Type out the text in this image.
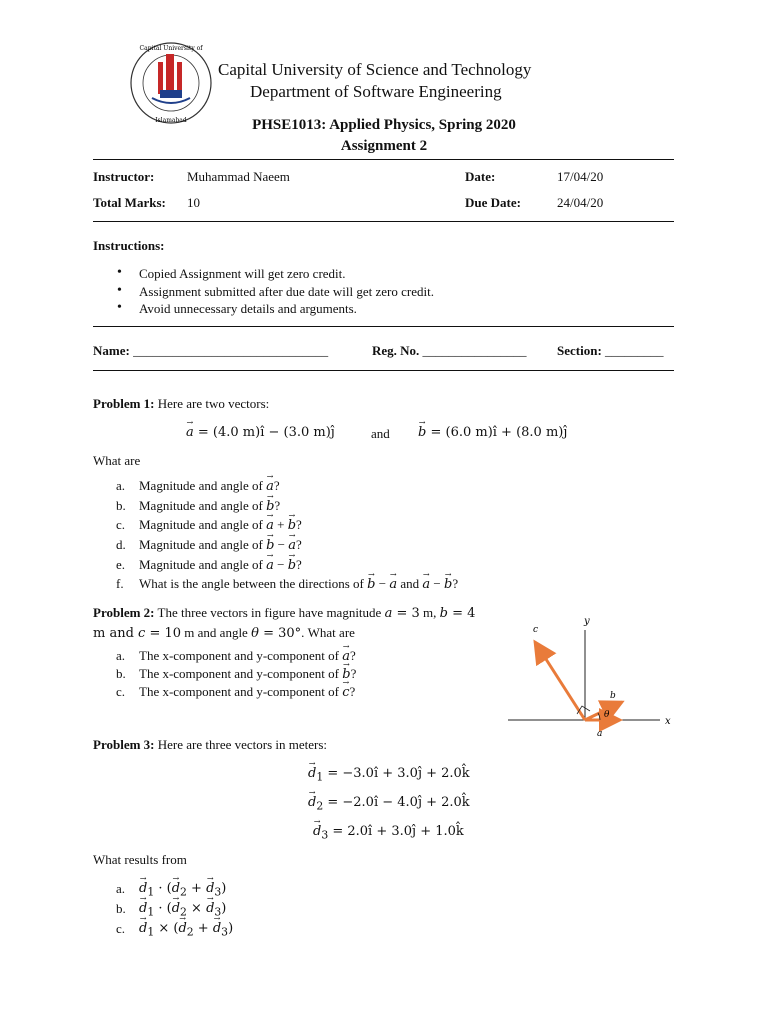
Capital University of
Islamabad
Capital University of Science and Technology
Department of Software Engineering
PHSE1013: Applied Physics, Spring 2020
Assignment 2
Instructor:	Muhammad Naeem	Date:	17/04/20
Total Marks: 10	Due Date:	24/04/20
Instructions:
• Copied Assignment will get zero credit.
• Assignment submitted after due date will get zero credit.
• Avoid unnecessary details and arguments.
Name: ______________________________	Reg. No. ________________ Section: _________
Problem 1: Here are two vectors:
→ a = (4.0 m)î − (3.0 m)ĵ	and → b = (6.0 m)î + (8.0 m)ĵ
What are
a. Magnitude and angle of → a?
b. Magnitude and angle of → b?
c. Magnitude and angle of → a + → b?
d. Magnitude and angle of → b − → a?
e. Magnitude and angle of → a − → b?
f. What is the angle between the directions of → b − → a and → a − → b?
Problem 2: The three vectors in figure have magnitude a = 3 m, b = 4
m and c = 10 m and angle θ = 30°. What are
a. The x-component and y-component of → a?
b. The x-component and y-component of → b?
c. The x-component and y-component of → c?
y
x
θ
a
b
c
Problem 3: Here are three vectors in meters:
→ $d_1$ = −3.0î + 3.0ĵ + 2.0k̂
→ $d_2$ = −2.0î − 4.0ĵ + 2.0k̂
→ $d_3$ = 2.0î + 3.0ĵ + 1.0k̂
What results from
a. → $d_1$ · (→ $d_2$ + → $d_3$)
b. → $d_1$ · (→ $d_2$ × → $d_3$)
c. → $d_1$ × (→ $d_2$ + → $d_3$)
